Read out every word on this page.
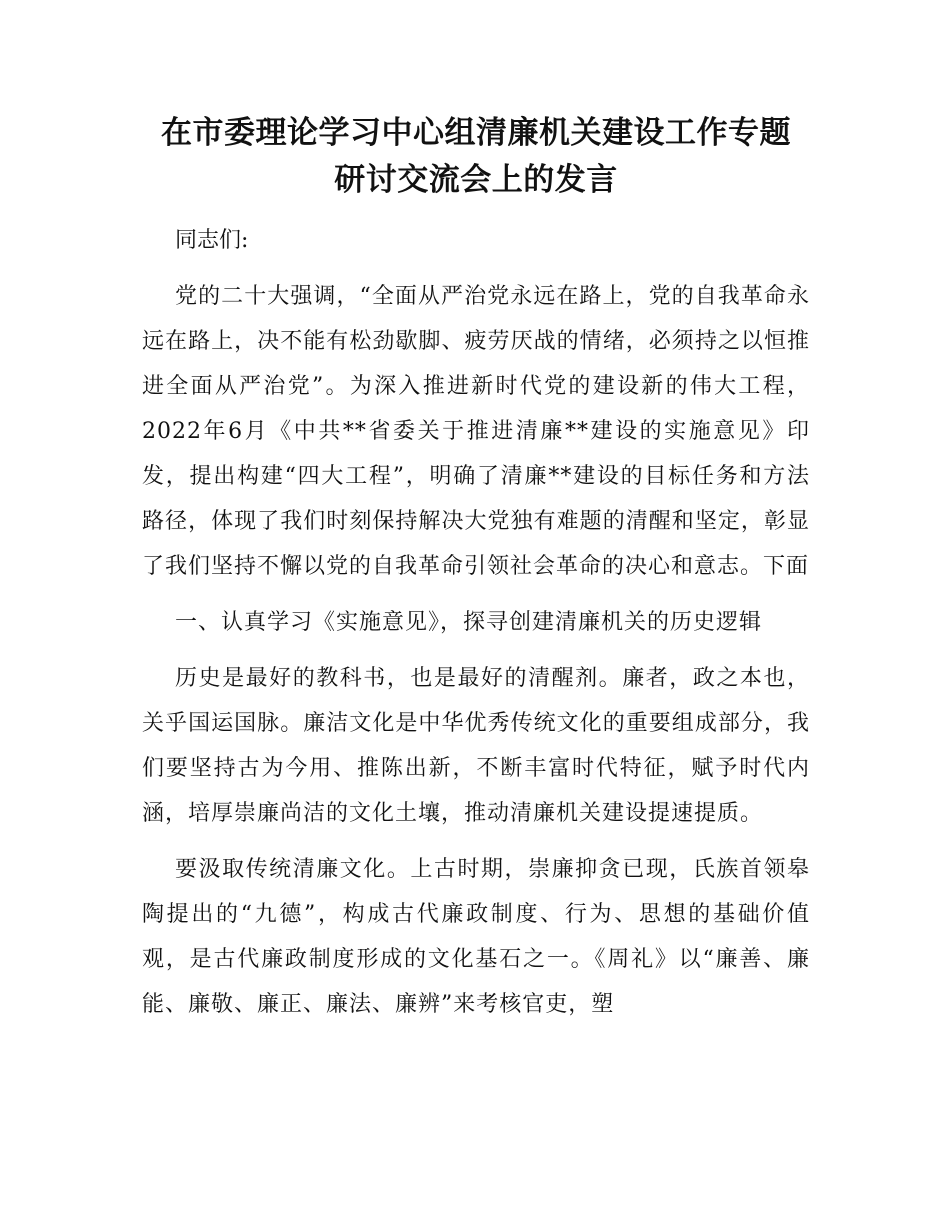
在市委理论学习中心组清廉机关建设工作专题
研讨交流会上的发言

同志们:

党的二十大强调，“全面从严治党永远在路上，党的自我革命永远在路上，决不能有松劲歇脚、疲劳厌战的情绪，必须持之以恒推进全面从严治党”。为深入推进新时代党的建设新的伟大工程，2022年6月《中共**省委关于推进清廉**建设的实施意见》印发，提出构建“四大工程”，明确了清廉**建设的目标任务和方法路径，体现了我们时刻保持解决大党独有难题的清醒和坚定，彰显了我们坚持不懈以党的自我革命引领社会革命的决心和意志。下面

一、认真学习《实施意见》，探寻创建清廉机关的历史逻辑

历史是最好的教科书，也是最好的清醒剂。廉者，政之本也，关乎国运国脉。廉洁文化是中华优秀传统文化的重要组成部分，我们要坚持古为今用、推陈出新，不断丰富时代特征，赋予时代内涵，培厚崇廉尚洁的文化土壤，推动清廉机关建设提速提质。

要汲取传统清廉文化。上古时期，崇廉抑贪已现，氏族首领皋陶提出的“九德”，构成古代廉政制度、行为、思想的基础价值观，是古代廉政制度形成的文化基石之一。《周礼》以“廉善、廉能、廉敬、廉正、廉法、廉辨”来考核官吏，塑
